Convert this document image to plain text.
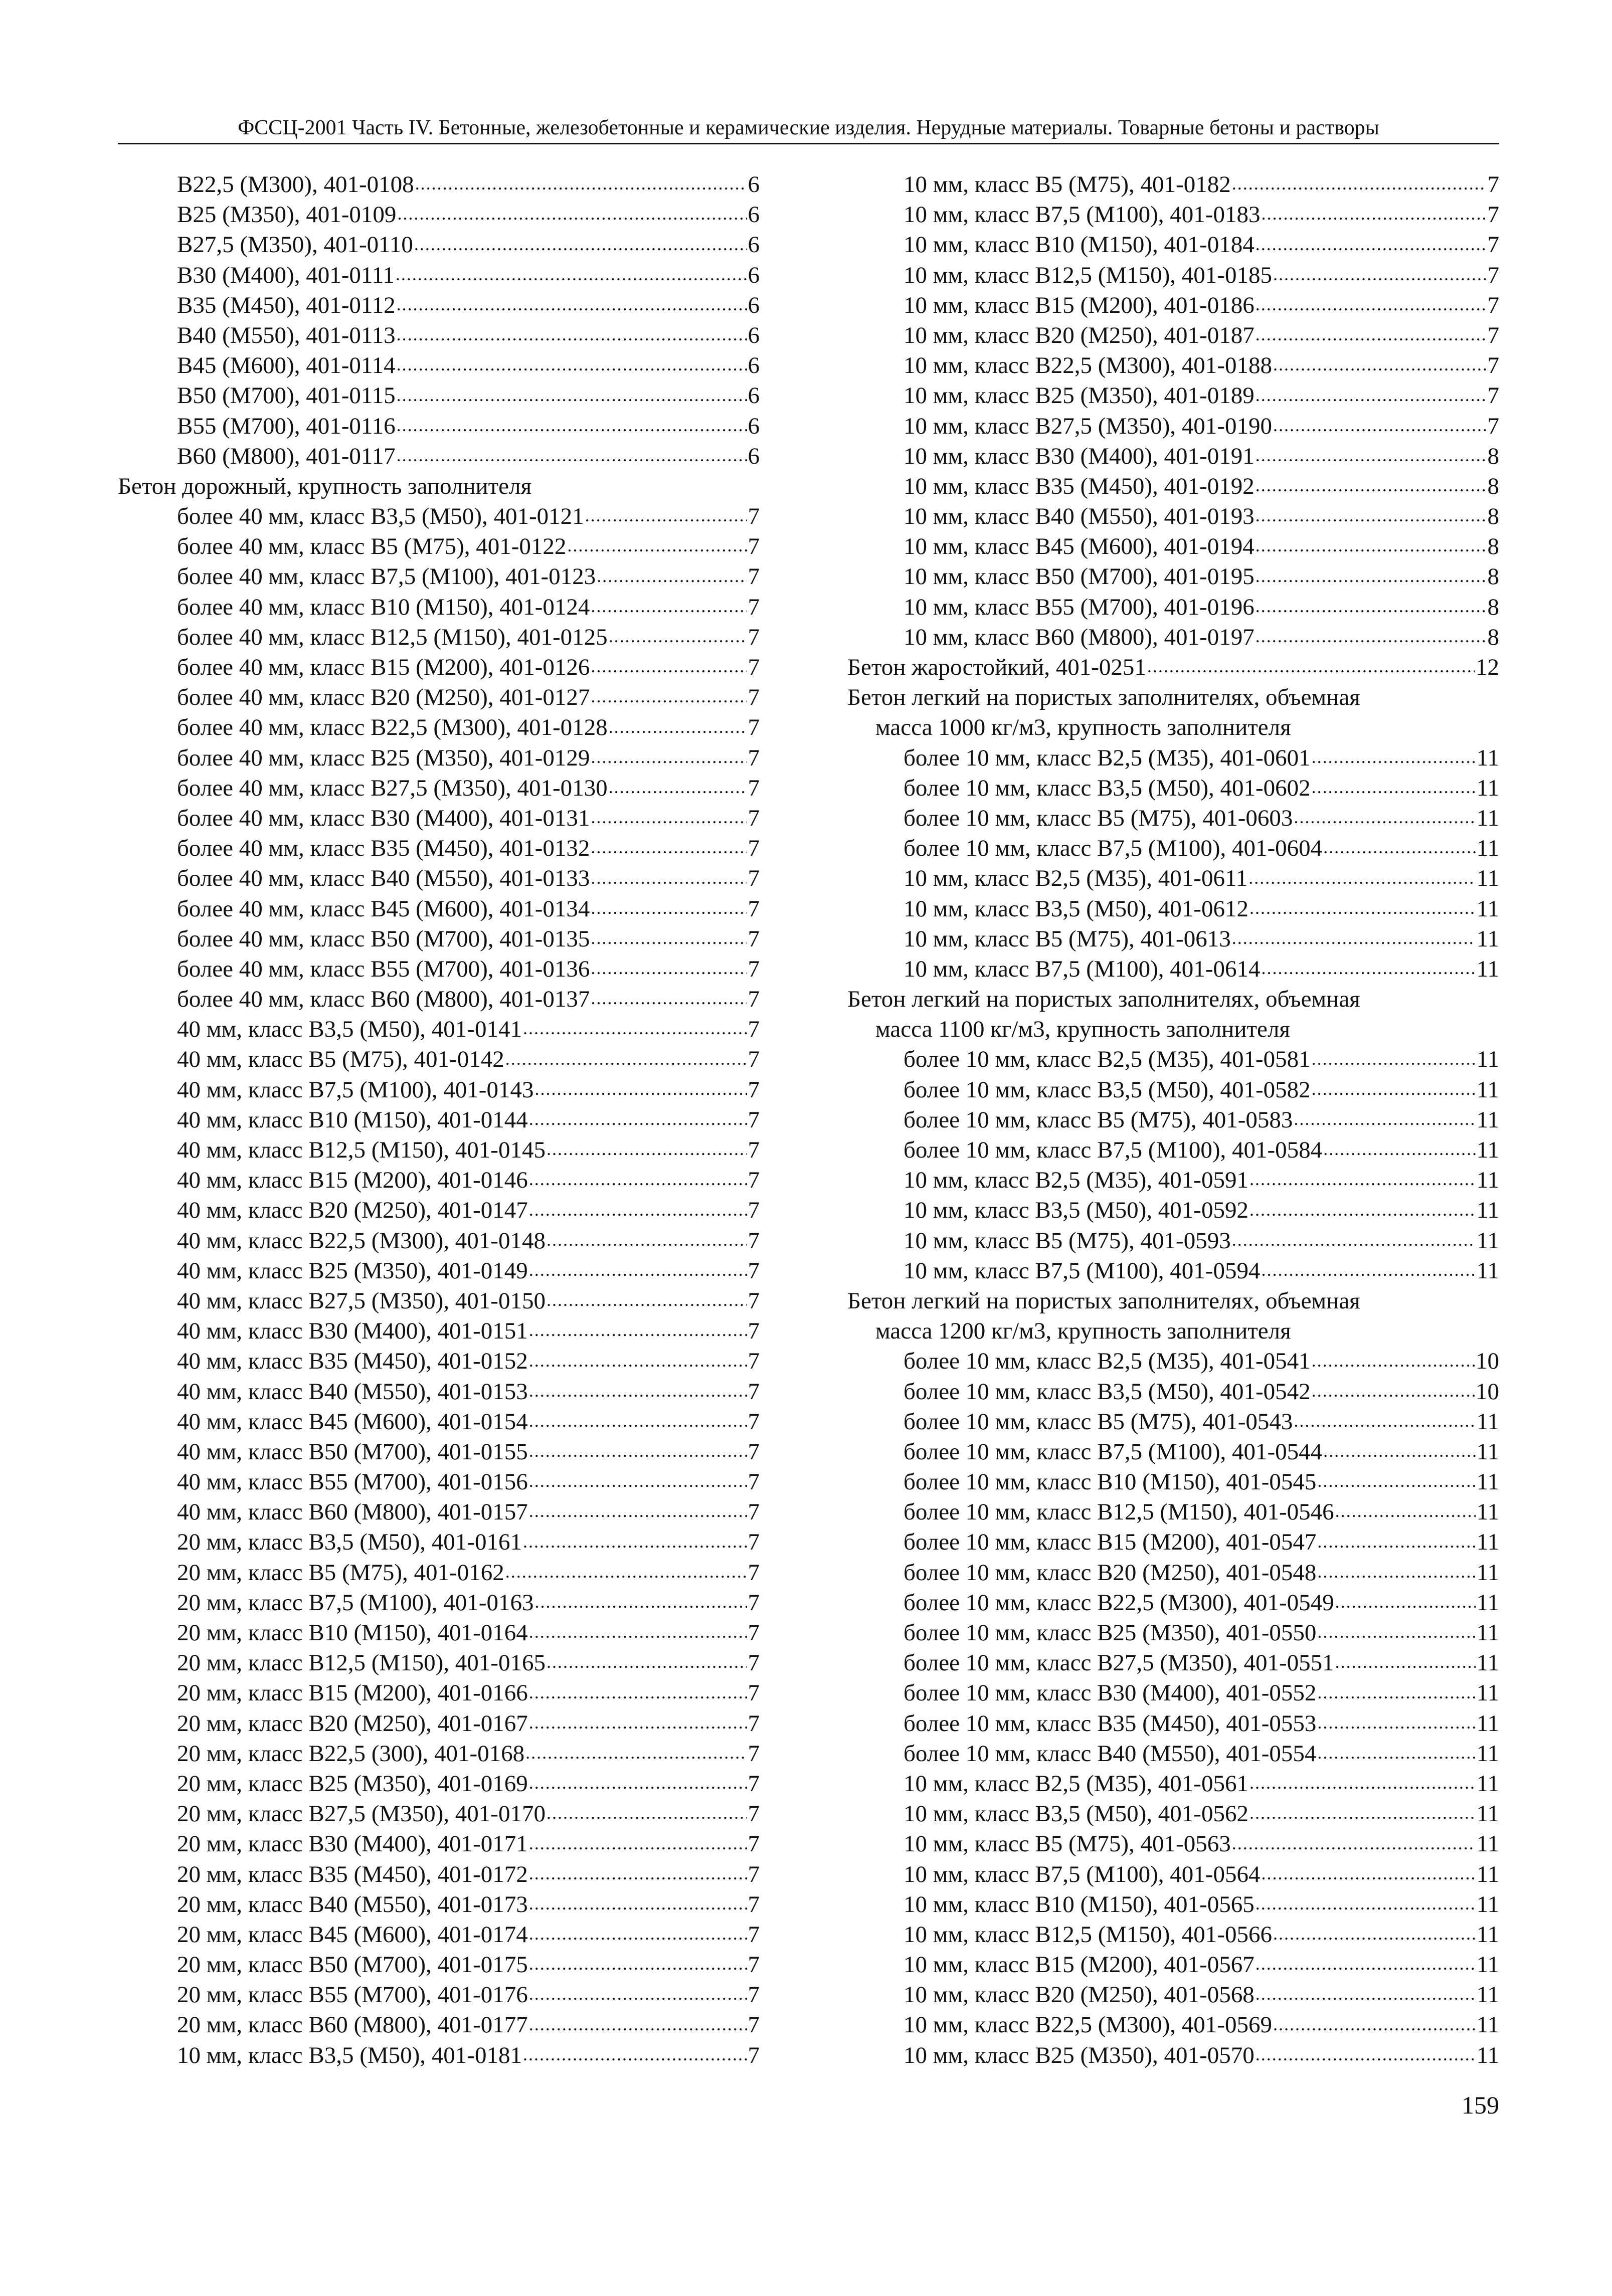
ФССЦ-2001 Часть IV. Бетонные, железобетонные и керамические изделия. Нерудные материалы. Товарные бетоны и растворы
В22,5 (М300), 401-0108 .....	6
В25 (М350), 401-0109 .....	6
В27,5 (М350), 401-0110 .....	6
В30 (М400), 401-0111 .....	6
В35 (М450), 401-0112 .....	6
В40 (М550), 401-0113 .....	6
В45 (М600), 401-0114 .....	6
В50 (М700), 401-0115 .....	6
В55 (М700), 401-0116 .....	6
В60 (М800), 401-0117 .....	6
Бетон дорожный, крупность заполнителя
более 40 мм, класс В3,5 (М50), 401-0121 .....	7
более 40 мм, класс В5 (М75), 401-0122 .....	7
более 40 мм, класс В7,5 (М100), 401-0123 .....	7
более 40 мм, класс В10 (М150), 401-0124 .....	7
более 40 мм, класс В12,5 (М150), 401-0125 .....	7
более 40 мм, класс В15 (М200), 401-0126 .....	7
более 40 мм, класс В20 (М250), 401-0127 .....	7
более 40 мм, класс В22,5 (М300), 401-0128 .....	7
более 40 мм, класс В25 (М350), 401-0129 .....	7
более 40 мм, класс В27,5 (М350), 401-0130 .....	7
более 40 мм, класс В30 (М400), 401-0131 .....	7
более 40 мм, класс В35 (М450), 401-0132 .....	7
более 40 мм, класс В40 (М550), 401-0133 .....	7
более 40 мм, класс В45 (М600), 401-0134 .....	7
более 40 мм, класс В50 (М700), 401-0135 .....	7
более 40 мм, класс В55 (М700), 401-0136 .....	7
более 40 мм, класс В60 (М800), 401-0137 .....	7
40 мм, класс В3,5 (М50), 401-0141 .....	7
40 мм, класс В5 (М75), 401-0142 .....	7
40 мм, класс В7,5 (М100), 401-0143 .....	7
40 мм, класс В10 (М150), 401-0144 .....	7
40 мм, класс В12,5 (М150), 401-0145 .....	7
40 мм, класс В15 (М200), 401-0146 .....	7
40 мм, класс В20 (М250), 401-0147 .....	7
40 мм, класс В22,5 (М300), 401-0148 .....	7
40 мм, класс В25 (М350), 401-0149 .....	7
40 мм, класс В27,5 (М350), 401-0150 .....	7
40 мм, класс В30 (М400), 401-0151 .....	7
40 мм, класс В35 (М450), 401-0152 .....	7
40 мм, класс В40 (М550), 401-0153 .....	7
40 мм, класс В45 (М600), 401-0154 .....	7
40 мм, класс В50 (М700), 401-0155 .....	7
40 мм, класс В55 (М700), 401-0156 .....	7
40 мм, класс В60 (М800), 401-0157 .....	7
20 мм, класс В3,5 (М50), 401-0161 .....	7
20 мм, класс В5 (М75), 401-0162 .....	7
20 мм, класс В7,5 (М100), 401-0163 .....	7
20 мм, класс В10 (М150), 401-0164 .....	7
20 мм, класс В12,5 (М150), 401-0165 .....	7
20 мм, класс В15 (М200), 401-0166 .....	7
20 мм, класс В20 (М250), 401-0167 .....	7
20 мм, класс В22,5 (300), 401-0168 .....	7
20 мм, класс В25 (М350), 401-0169 .....	7
20 мм, класс В27,5 (М350), 401-0170 .....	7
20 мм, класс В30 (М400), 401-0171 .....	7
20 мм, класс В35 (М450), 401-0172 .....	7
20 мм, класс В40 (М550), 401-0173 .....	7
20 мм, класс В45 (М600), 401-0174 .....	7
20 мм, класс В50 (М700), 401-0175 .....	7
20 мм, класс В55 (М700), 401-0176 .....	7
20 мм, класс В60 (М800), 401-0177 .....	7
10 мм, класс В3,5 (М50), 401-0181 .....	7
10 мм, класс В5 (М75), 401-0182 .....	7
10 мм, класс В7,5 (М100), 401-0183 .....	7
10 мм, класс В10 (М150), 401-0184 .....	7
10 мм, класс В12,5 (М150), 401-0185 .....	7
10 мм, класс В15 (М200), 401-0186 .....	7
10 мм, класс В20 (М250), 401-0187 .....	7
10 мм, класс В22,5 (М300), 401-0188 .....	7
10 мм, класс В25 (М350), 401-0189 .....	7
10 мм, класс В27,5 (М350), 401-0190 .....	7
10 мм, класс В30 (М400), 401-0191 .....	8
10 мм, класс В35 (М450), 401-0192 .....	8
10 мм, класс В40 (М550), 401-0193 .....	8
10 мм, класс В45 (М600), 401-0194 .....	8
10 мм, класс В50 (М700), 401-0195 .....	8
10 мм, класс В55 (М700), 401-0196 .....	8
10 мм, класс В60 (М800), 401-0197 .....	8
Бетон жаростойкий, 401-0251 .....	12
Бетон легкий на пористых заполнителях, объемная
масса 1000 кг/м3, крупность заполнителя
более 10 мм, класс В2,5 (М35), 401-0601 .....	11
более 10 мм, класс В3,5 (М50), 401-0602 .....	11
более 10 мм, класс В5 (М75), 401-0603 .....	11
более 10 мм, класс В7,5 (М100), 401-0604 .....	11
10 мм, класс В2,5 (М35), 401-0611 .....	11
10 мм, класс В3,5 (М50), 401-0612 .....	11
10 мм, класс В5 (М75), 401-0613 .....	11
10 мм, класс В7,5 (М100), 401-0614 .....	11
Бетон легкий на пористых заполнителях, объемная
масса 1100 кг/м3, крупность заполнителя
более 10 мм, класс В2,5 (М35), 401-0581 .....	11
более 10 мм, класс В3,5 (М50), 401-0582 .....	11
более 10 мм, класс В5 (М75), 401-0583 .....	11
более 10 мм, класс В7,5 (М100), 401-0584 .....	11
10 мм, класс В2,5 (М35), 401-0591 .....	11
10 мм, класс В3,5 (М50), 401-0592 .....	11
10 мм, класс В5 (М75), 401-0593 .....	11
10 мм, класс В7,5 (М100), 401-0594 .....	11
Бетон легкий на пористых заполнителях, объемная
масса 1200 кг/м3, крупность заполнителя
более 10 мм, класс В2,5 (М35), 401-0541 .....	10
более 10 мм, класс В3,5 (М50), 401-0542 .....	10
более 10 мм, класс В5 (М75), 401-0543 .....	11
более 10 мм, класс В7,5 (М100), 401-0544 .....	11
более 10 мм, класс В10 (М150), 401-0545 .....	11
более 10 мм, класс В12,5 (М150), 401-0546 .....	11
более 10 мм, класс В15 (М200), 401-0547 .....	11
более 10 мм, класс В20 (М250), 401-0548 .....	11
более 10 мм, класс В22,5 (М300), 401-0549 .....	11
более 10 мм, класс В25 (М350), 401-0550 .....	11
более 10 мм, класс В27,5 (М350), 401-0551 .....	11
более 10 мм, класс В30 (М400), 401-0552 .....	11
более 10 мм, класс В35 (М450), 401-0553 .....	11
более 10 мм, класс В40 (М550), 401-0554 .....	11
10 мм, класс В2,5 (М35), 401-0561 .....	11
10 мм, класс В3,5 (М50), 401-0562 .....	11
10 мм, класс В5 (М75), 401-0563 .....	11
10 мм, класс В7,5 (М100), 401-0564 .....	11
10 мм, класс В10 (М150), 401-0565 .....	11
10 мм, класс В12,5 (М150), 401-0566 .....	11
10 мм, класс В15 (М200), 401-0567 .....	11
10 мм, класс В20 (М250), 401-0568 .....	11
10 мм, класс В22,5 (М300), 401-0569 .....	11
10 мм, класс В25 (М350), 401-0570 .....	11
159
